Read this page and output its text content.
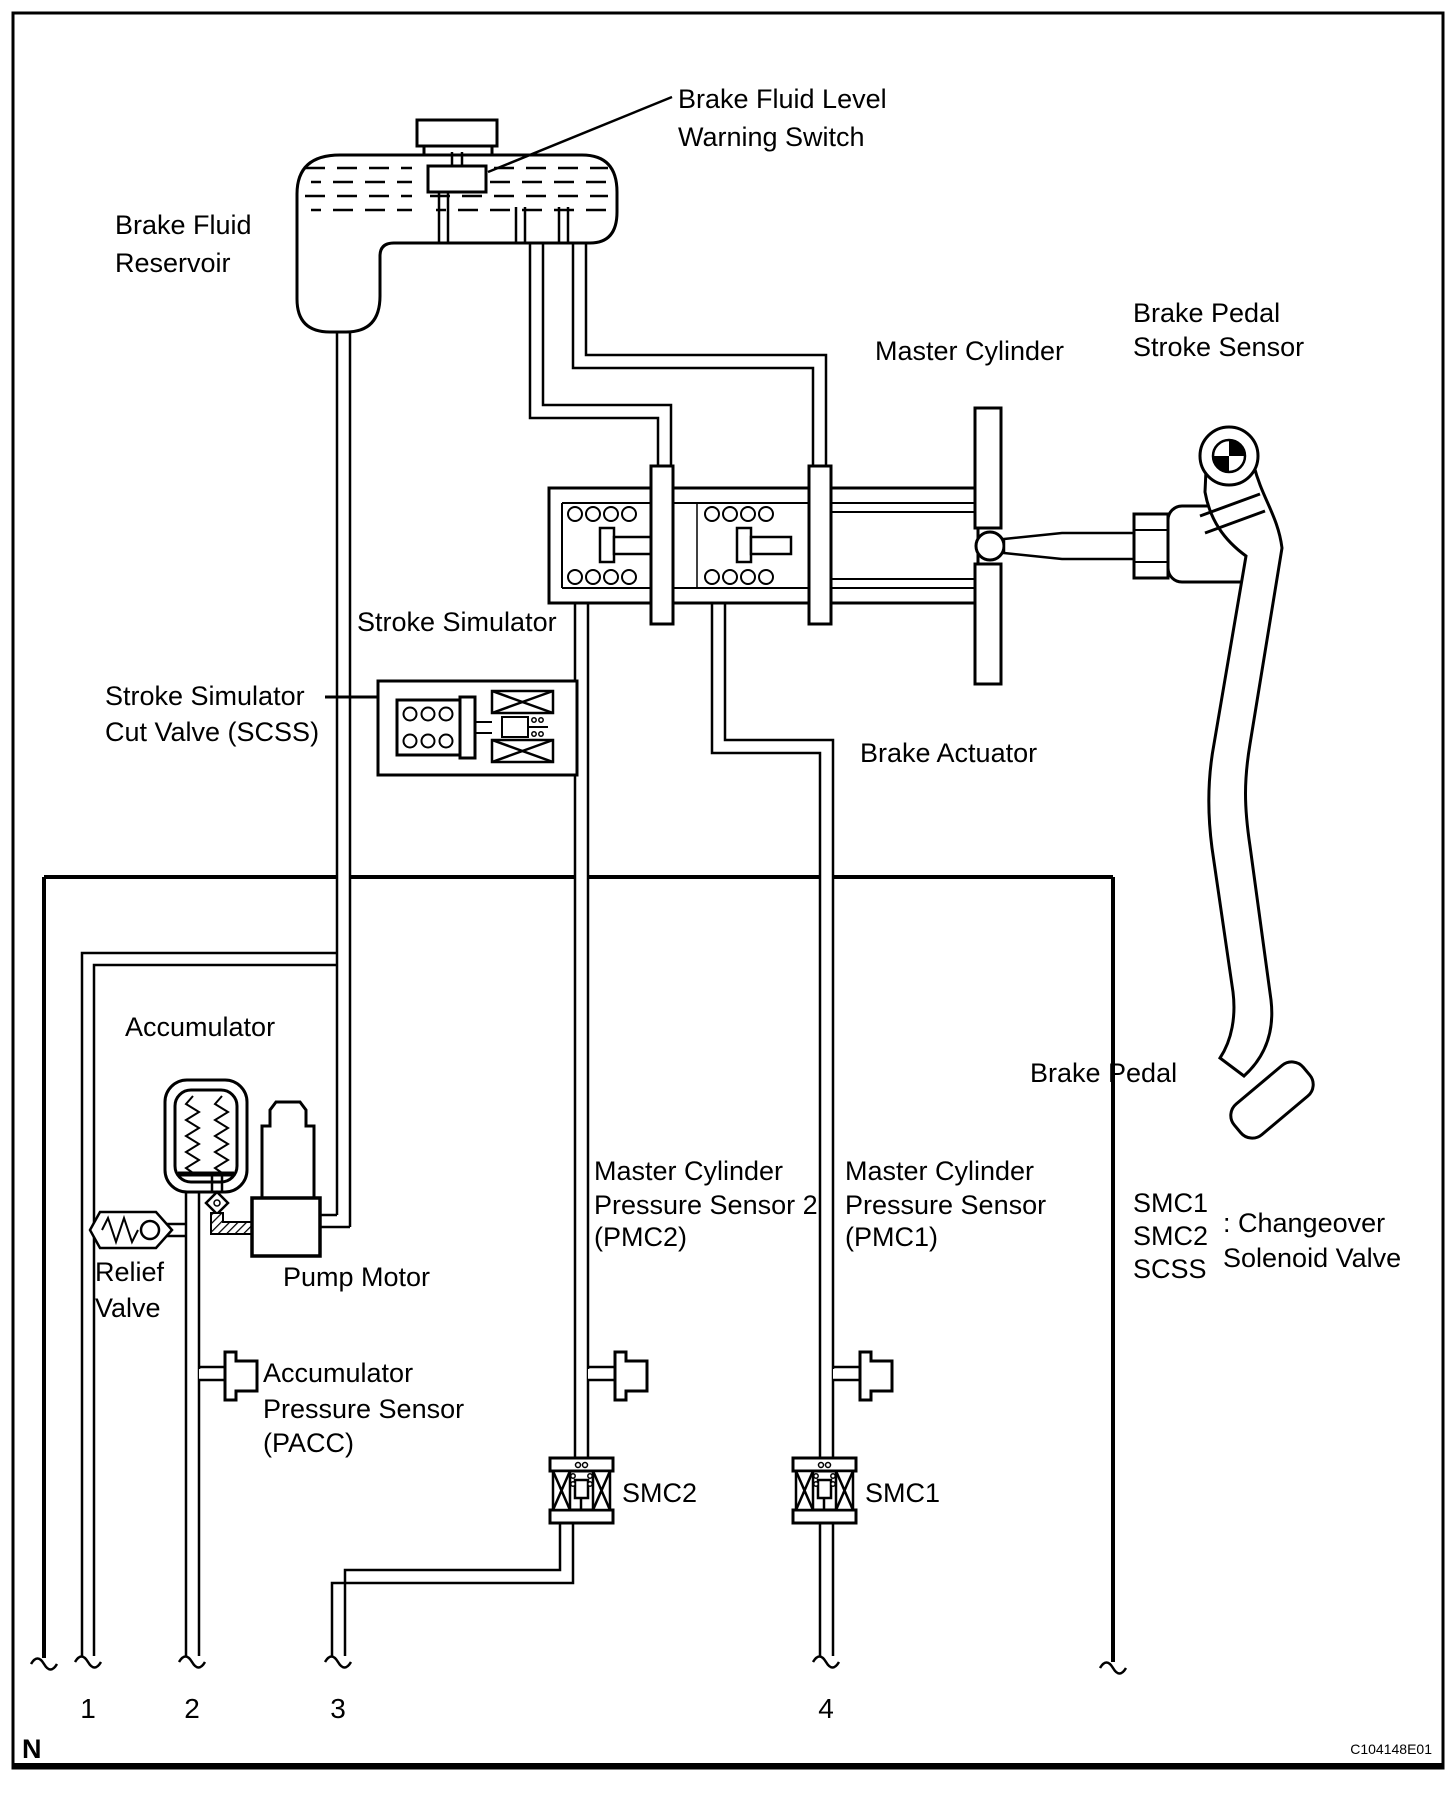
Brake Fluid
Reservoir
Brake Fluid Level
Warning Switch
Master Cylinder
Brake Pedal
Stroke Sensor
Stroke Simulator
Stroke Simulator
Cut Valve (SCSS)
Brake Actuator
Brake Pedal
Accumulator
Relief
Valve
Pump Motor
Accumulator
Pressure Sensor
(PACC)
Master Cylinder
Pressure Sensor 2
(PMC2)
Master Cylinder
Pressure Sensor
(PMC1)
SMC2	SMC1
SMC1
SMC2
SCSS
: Changeover
Solenoid Valve
1	2	3	4
N	C104148E01
